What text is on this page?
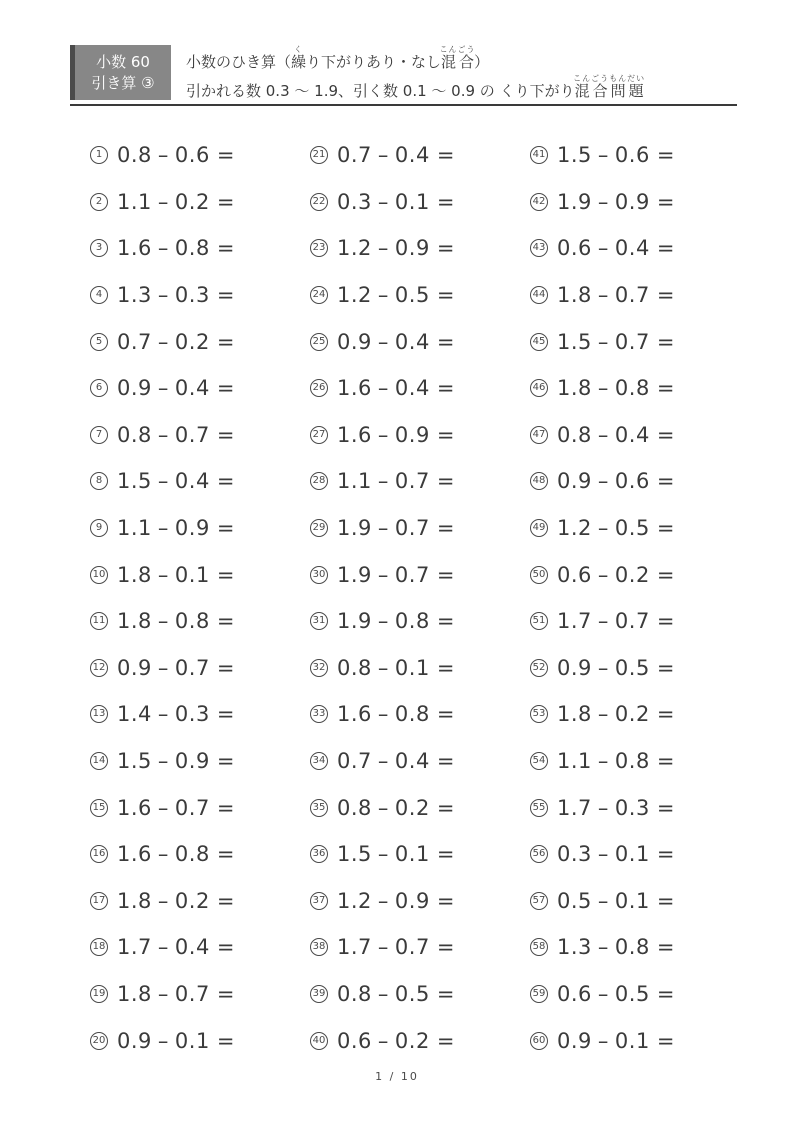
小数 60
引き算 ③
小数のひき算（繰くり下がりあり・なし混合こんごう）
引かれる数 0.3 〜 1.9、引く数 0.1 〜 0.9 の くり下がり混合問題こんごうもんだい
1 0.8 – 0.6 =
2 1.1 – 0.2 =
3 1.6 – 0.8 =
4 1.3 – 0.3 =
5 0.7 – 0.2 =
6 0.9 – 0.4 =
7 0.8 – 0.7 =
8 1.5 – 0.4 =
9 1.1 – 0.9 =
10 1.8 – 0.1 =
11 1.8 – 0.8 =
12 0.9 – 0.7 =
13 1.4 – 0.3 =
14 1.5 – 0.9 =
15 1.6 – 0.7 =
16 1.6 – 0.8 =
17 1.8 – 0.2 =
18 1.7 – 0.4 =
19 1.8 – 0.7 =
20 0.9 – 0.1 =
21 0.7 – 0.4 =
22 0.3 – 0.1 =
23 1.2 – 0.9 =
24 1.2 – 0.5 =
25 0.9 – 0.4 =
26 1.6 – 0.4 =
27 1.6 – 0.9 =
28 1.1 – 0.7 =
29 1.9 – 0.7 =
30 1.9 – 0.7 =
31 1.9 – 0.8 =
32 0.8 – 0.1 =
33 1.6 – 0.8 =
34 0.7 – 0.4 =
35 0.8 – 0.2 =
36 1.5 – 0.1 =
37 1.2 – 0.9 =
38 1.7 – 0.7 =
39 0.8 – 0.5 =
40 0.6 – 0.2 =
41 1.5 – 0.6 =
42 1.9 – 0.9 =
43 0.6 – 0.4 =
44 1.8 – 0.7 =
45 1.5 – 0.7 =
46 1.8 – 0.8 =
47 0.8 – 0.4 =
48 0.9 – 0.6 =
49 1.2 – 0.5 =
50 0.6 – 0.2 =
51 1.7 – 0.7 =
52 0.9 – 0.5 =
53 1.8 – 0.2 =
54 1.1 – 0.8 =
55 1.7 – 0.3 =
56 0.3 – 0.1 =
57 0.5 – 0.1 =
58 1.3 – 0.8 =
59 0.6 – 0.5 =
60 0.9 – 0.1 =
1 / 10
